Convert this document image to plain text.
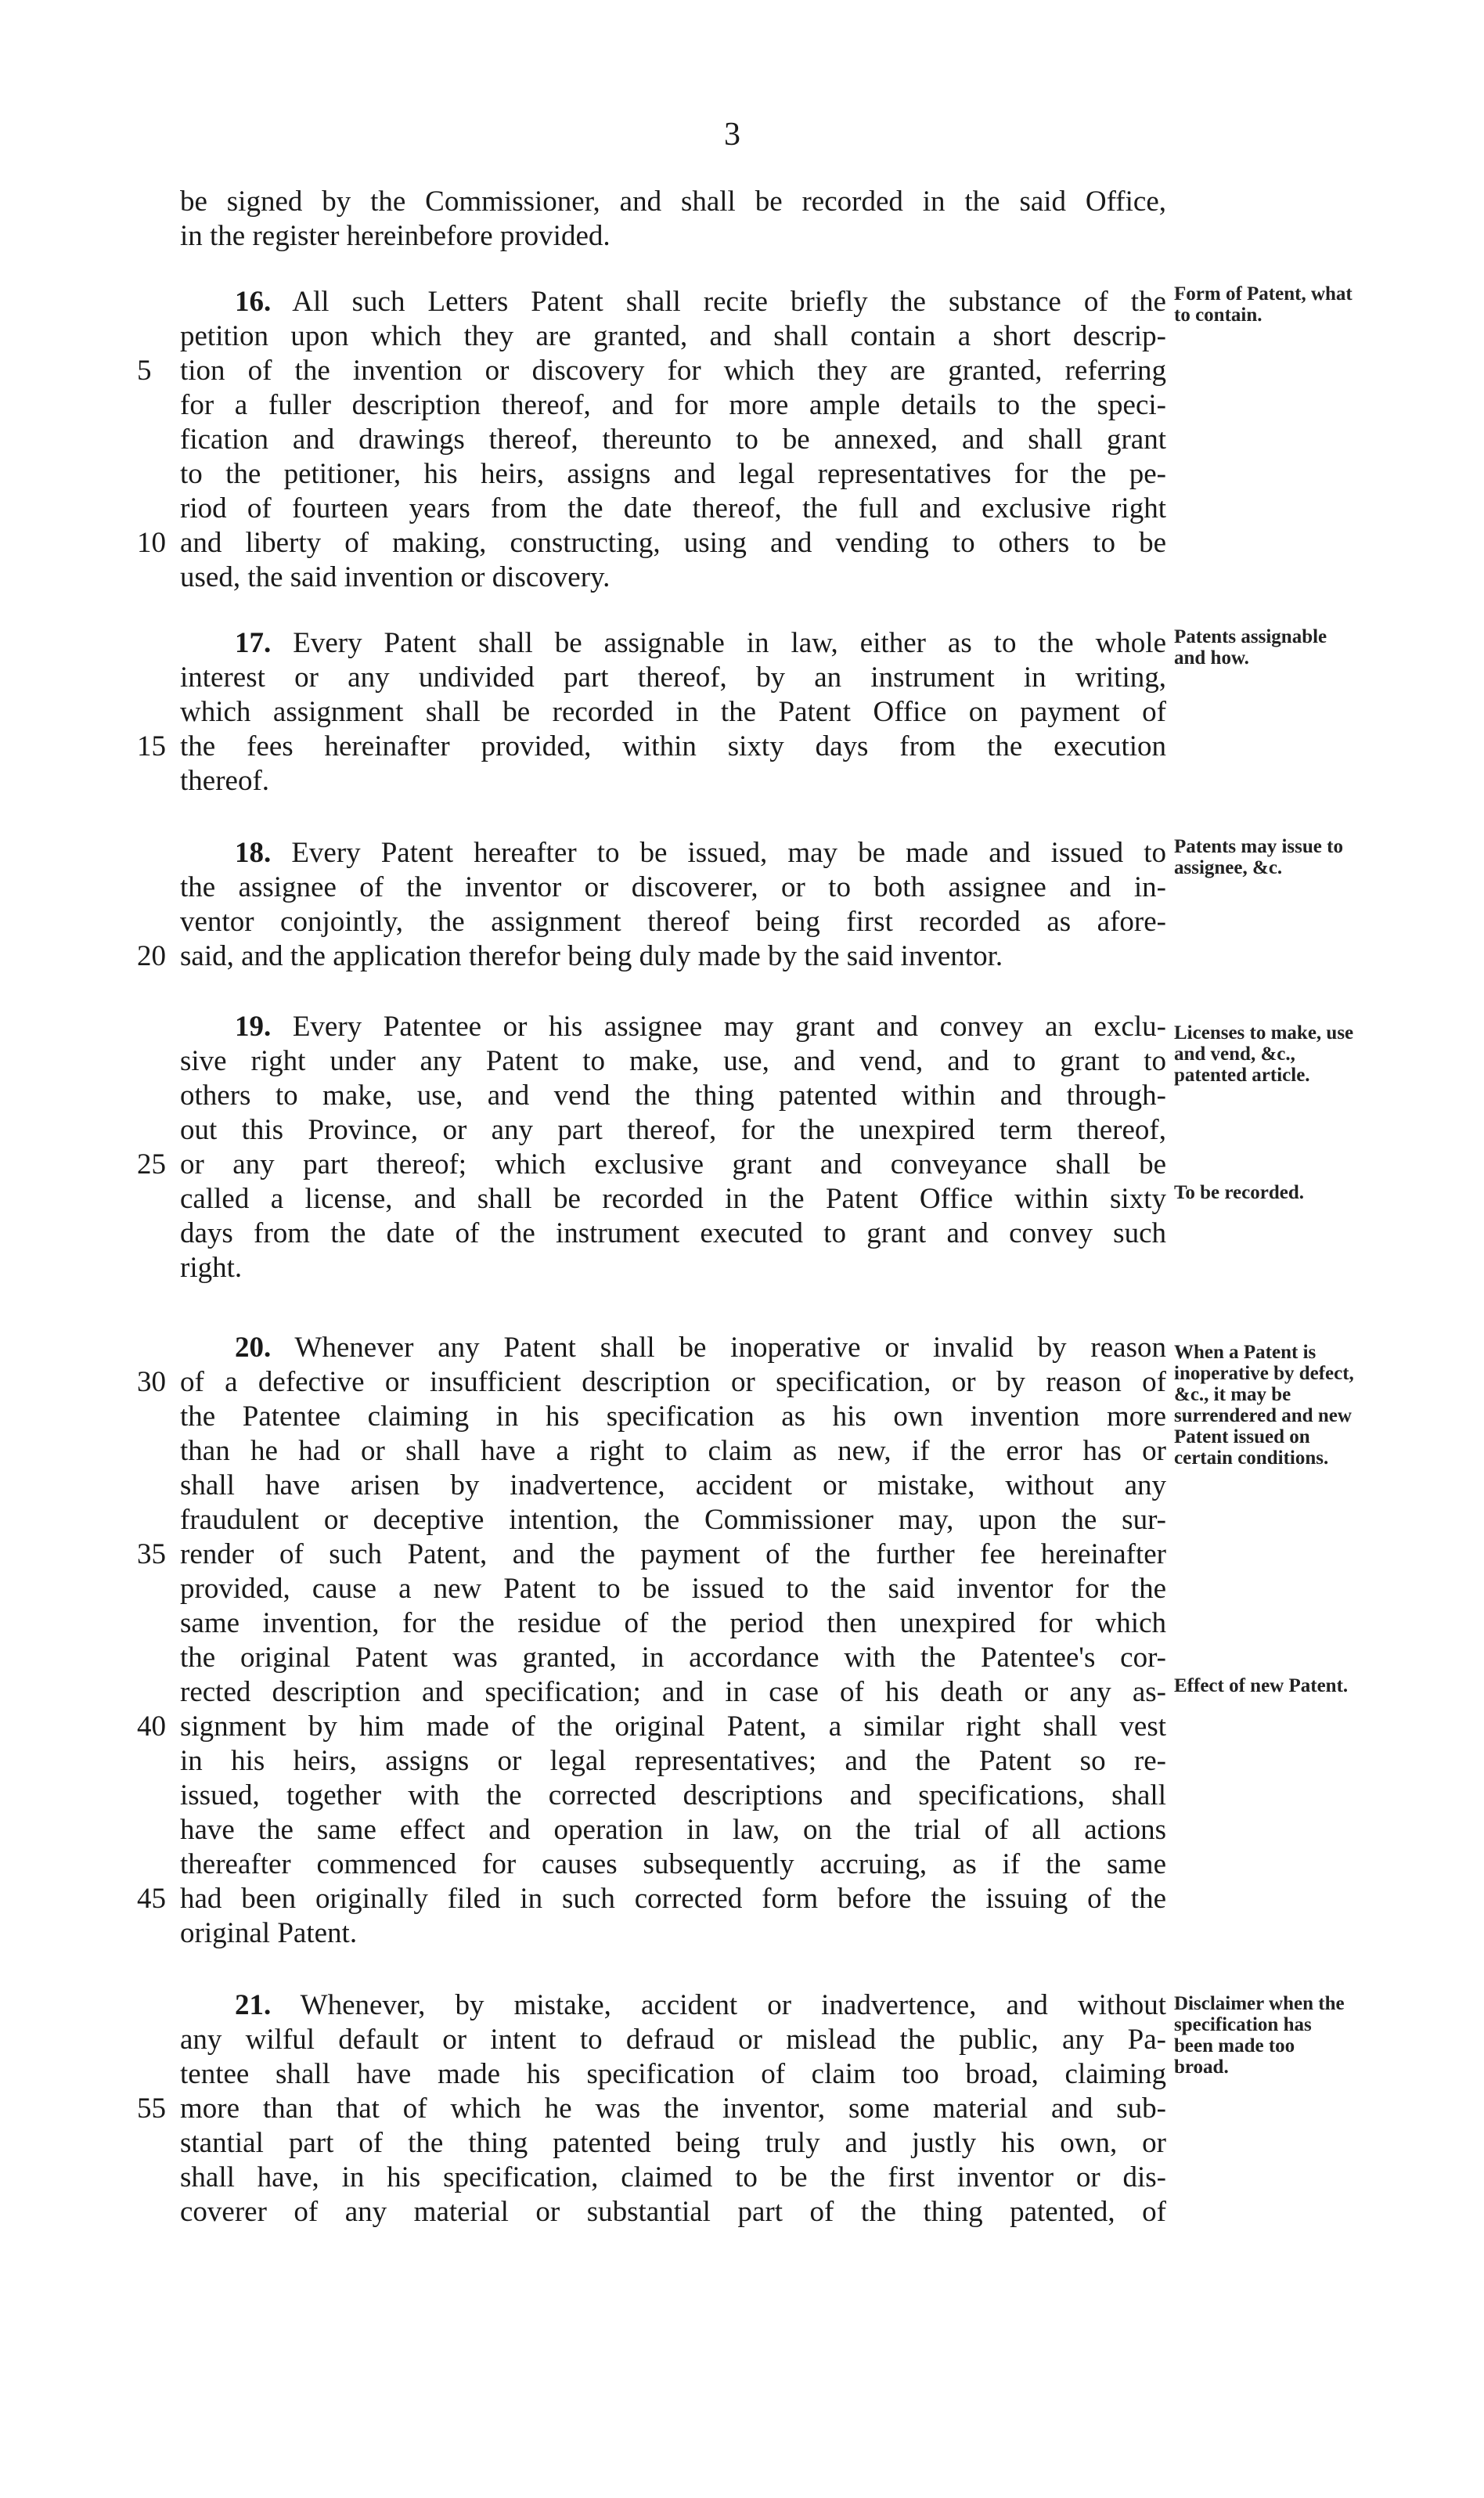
3
be signed by the Commissioner, and shall be recorded in the said Office,
in the register hereinbefore provided.
16. All such Letters Patent shall recite briefly the substance of the
petition upon which they are granted, and shall contain a short descrip-
5 tion of the invention or discovery for which they are granted, referring
for a fuller description thereof, and for more ample details to the speci-
fication and drawings thereof, thereunto to be annexed, and shall grant
to the petitioner, his heirs, assigns and legal representatives for the pe-
riod of fourteen years from the date thereof, the full and exclusive right
10 and liberty of making, constructing, using and vending to others to be
used, the said invention or discovery.
17. Every Patent shall be assignable in law, either as to the whole
interest or any undivided part thereof, by an instrument in writing,
which assignment shall be recorded in the Patent Office on payment of
15 the fees hereinafter provided, within sixty days from the execution
thereof.
18. Every Patent hereafter to be issued, may be made and issued to
the assignee of the inventor or discoverer, or to both assignee and in-
ventor conjointly, the assignment thereof being first recorded as afore-
20 said, and the application therefor being duly made by the said inventor.
19. Every Patentee or his assignee may grant and convey an exclu-
sive right under any Patent to make, use, and vend, and to grant to
others to make, use, and vend the thing patented within and through-
out this Province, or any part thereof, for the unexpired term thereof,
25 or any part thereof; which exclusive grant and conveyance shall be
called a license, and shall be recorded in the Patent Office within sixty
days from the date of the instrument executed to grant and convey such
right.
20. Whenever any Patent shall be inoperative or invalid by reason
30 of a defective or insufficient description or specification, or by reason of
the Patentee claiming in his specification as his own invention more
than he had or shall have a right to claim as new, if the error has or
shall have arisen by inadvertence, accident or mistake, without any
fraudulent or deceptive intention, the Commissioner may, upon the sur-
35 render of such Patent, and the payment of the further fee hereinafter
provided, cause a new Patent to be issued to the said inventor for the
same invention, for the residue of the period then unexpired for which
the original Patent was granted, in accordance with the Patentee's cor-
rected description and specification; and in case of his death or any as-
40 signment by him made of the original Patent, a similar right shall vest
in his heirs, assigns or legal representatives; and the Patent so re-
issued, together with the corrected descriptions and specifications, shall
have the same effect and operation in law, on the trial of all actions
thereafter commenced for causes subsequently accruing, as if the same
45 had been originally filed in such corrected form before the issuing of the
original Patent.
21. Whenever, by mistake, accident or inadvertence, and without
any wilful default or intent to defraud or mislead the public, any Pa-
tentee shall have made his specification of claim too broad, claiming
55 more than that of which he was the inventor, some material and sub-
stantial part of the thing patented being truly and justly his own, or
shall have, in his specification, claimed to be the first inventor or dis-
coverer of any material or substantial part of the thing patented, of
Form of Patent, what to contain.
Patents assignable and how.
Patents may issue to assignee, &c.
Licenses to make, use and vend, &c., patented article.
To be recorded.
When a Patent is inoperative by defect, &c., it may be surrendered and new Patent issued on certain conditions.
Effect of new Patent.
Disclaimer when the specification has been made too broad.
